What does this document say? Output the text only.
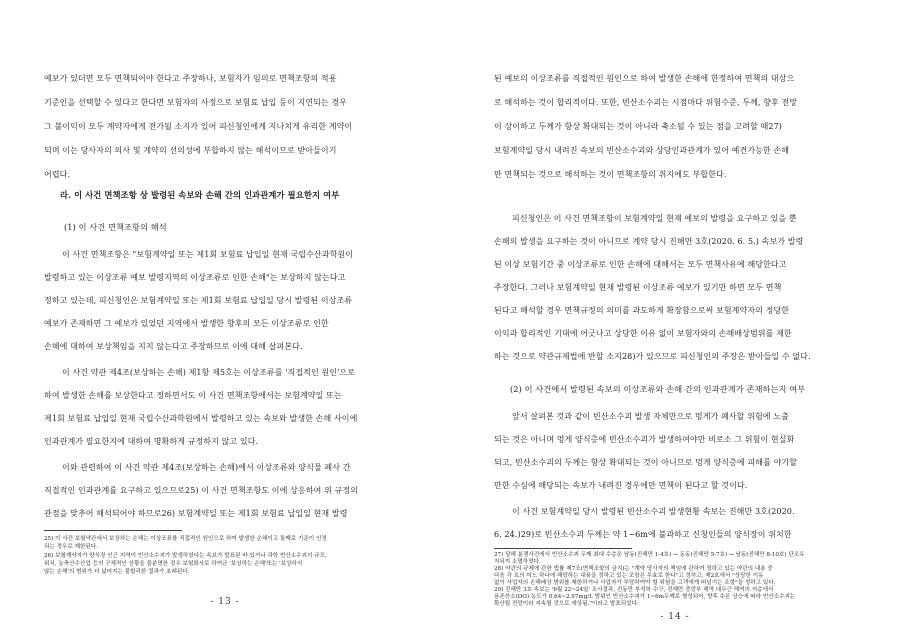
예보가 있더면 모두 면책되어야 한다고 주장하나, 보험자가 임의로 면책조항의 적용
기준인을 선택할 수 있다고 한다면 보험자의 사정으로 보험료 납입 등이 지연되는 경우
그 불이익이 모두 계약자에게 전가될 소지가 있어 피신청인에게 지나치게 유리한 계약이
되며 이는 당사자의 의사 및 계약의 선의성에 부합하지 않는 해석이므로 받아들이기
어렵다.
라. 이 사건 면책조항 상 발령된 속보와 손해 간의 인과관계가 필요한지 여부
(1) 이 사건 면책조항의 해석
이 사건 면책조항은 "보험계약일 또는 제1회 보험료 납입일 현재 국립수산과학원이
발령하고 있는 이상조류 예보 발령지역의 이상조류로 인한 손해"는 보상하지 않는다고
정하고 있는데, 피신청인은 보험계약일 또는 제1회 보험료 납입일 당시 발령된 이상조류
예보가 존재하면 그 예보가 있었던 지역에서 발생한 향후의 모든 이상조류로 인한
손해에 대하여 보상책임을 지지 않는다고 주장하므로 이에 대해 살펴본다.
이 사건 약관 제4조(보상하는 손해) 제1항 제5호는 이상조류를 '직접적인 원인'으로
하여 발생한 손해를 보상한다고 정하면서도 이 사건 면책조항에서는 보험계약일 또는
제1회 보험료 납입일 현재 국립수산과학원에서 발령하고 있는 속보와 발생한 손해 사이에
인과관계가 필요한지에 대하여 명확하게 규정하지 않고 있다.
이와 관련하여 이 사건 약관 제4조(보상하는 손해)에서 이상조류와 양식물 폐사 간
직접적인 인과관계를 요구하고 있으므로25) 이 사건 면책조항도 이에 상응하여 위 규정의
관점을 맞추어 해석되어야 하므로26) 보험계약일 또는 제1회 보험료 납입일 현재 발령
25) 이 사건 보험약관에서 보상하는 손해는 이상조류를 직접적인 원인으로 하여 발생한 손해이고 둘째로 기준이 인정
되는 경우로 제한된다.
26) 보험계약자가 양식장 인근 지역이 빈산소수괴가 발생하였다는 속보가 발표된 바 있거나 과학 빈산소수괴의 규모,
위치, 농축산수산업 등의 구체적인 상황을 불분명한 경우 보험회사로 하여금 '보상하는 손해'또는 '보상하지
않는 손해'의 범위가 더 넓어지는 불합리한 결과가 초래된다.
- 13 -
된 예보의 이상조류를 직접적인 원인으로 하여 발생한 손해에 한정하여 면책의 대상으
로 해석하는 것이 합리적이다. 또한, 빈산소수괴는 시점마다 위험수준, 두께, 향후 전망
이 상이하고 두께가 항상 확대되는 것이 아니라 축소될 수 있는 점을 고려할 때27)
보험계약일 당시 내려진 속보의 빈산소수괴와 상당인과관계가 있어 예견가능한 손해
만 면책되는 것으로 해석하는 것이 면책조항의 취지에도 부합한다.
피신청인은 이 사건 면책조항이 보험계약일 현재 예보의 발령을 요구하고 있을 뿐
손해의 발생을 요구하는 것이 아니므로 계약 당시 진해만 3호(2020. 6. 5.) 속보가 발령
된 이상 보험기간 중 이상조류로 인한 손해에 대해서는 모두 면책사유에 해당한다고
주장한다. 그러나 보험계약일 현재 발령된 이상조류 예보가 있기만 하면 모두 면책
된다고 해석할 경우 면책규정의 의미를 과도하게 확장함으로써 보험계약자의 정당한
이익과 합리적인 기대에 어긋나고 상당한 이유 없이 보험자와의 손해배상범위를 제한
하는 것으로 약관규제법에 반할 소지28)가 있으므로 피신청인의 주장은 받아들일 수 없다.
(2) 이 사건에서 발령된 속보의 이상조류와 손해 간의 인과관계가 존재하는지 여부
앞서 살펴본 것과 같이 빈산소수괴 발생 자체만으로 멍게가 폐사할 위험에 노출
되는 것은 아니며 멍게 양식층에 빈산소수괴가 발생하여야만 비로소 그 위험이 현실화
되고, 빈산소수괴의 두께는 항상 확대되는 것이 아니므로 멍게 양식층에 피해를 야기할
만한 수심에 해당되는 속보가 내려진 경우에만 면책이 된다고 할 것이다.
이 사건 보험계약일 당시 발령된 빈산소수괴 발생현황 속보는 진해만 3호(2020.
6. 24.)29)로 빈산소수괴 두께는 약 1~6m에 불과하고 신청인들의 양식장이 위치한
27) 당해 분쟁사건에서 빈산소수괴 두께 최대 수층은 남동(진해만 1-4호) → 동동(진해만 5-7호) → 남동(진해만 8-10호) 단조유
지되지 소멸하였다.
28) 약관의 규제에 관한 법률 제7조(면책조항의 금지)는 "계약 당사자의 책임에 관하여 정하고 있는 약관의 내용 중
다음 각 호의 어느 하나에 해당하는 내용을 정하고 있는 조항은 무효로 한다"고 정하고, 제2호에서 "상당한 이유
없이 사업자의 손해배상 범위를 제한하거나 사업자가 부담하여야 할 위험을 고객에게 떠넘기는 조항"을 정하고 있다.
29) 진해만 3호 속보는 '6월 22~24일' 조사결과, 진동만 부석하 수구, 진해만 중앙부 해역 대두근 해역의 저층에서
용존산소(DO) 농도가 0.64~2.97mg/L 범위인 빈산소수괴가 1~6m두께로 형성되어, 향후 수온 상승에 따라 빈산소수괴는
확산될 전망이라 지속될 것으로 예상됨."이라고 발표되었다.
- 14 -
